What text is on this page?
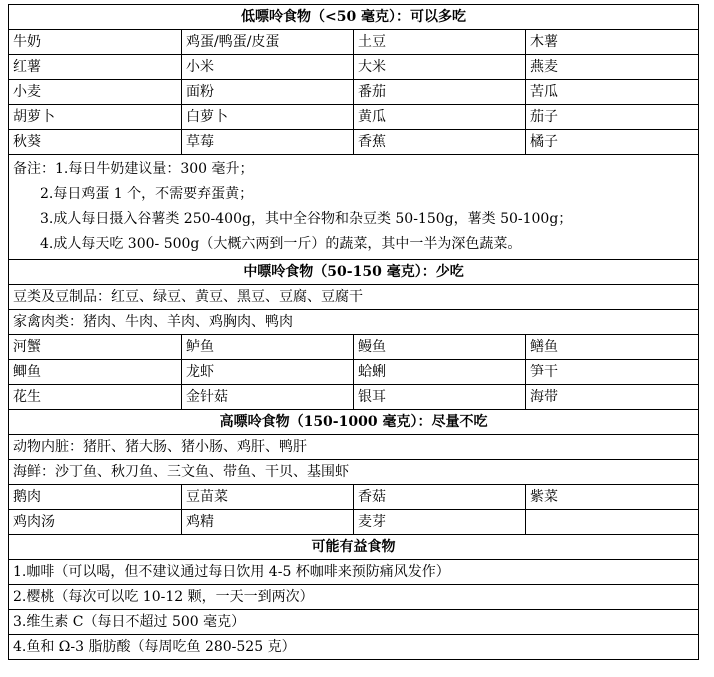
低嘌呤食物（<50 毫克）：可以多吃			
牛奶	鸡蛋/鸭蛋/皮蛋	土豆	木薯
红薯	小米	大米	燕麦
小麦	面粉	番茄	苦瓜
胡萝卜	白萝卜	黄瓜	茄子
秋葵	草莓	香蕉	橘子

备注：1.每日牛奶建议量：300 毫升；
2.每日鸡蛋 1 个，不需要弃蛋黄；
3.成人每日摄入谷薯类 250-400g，其中全谷物和杂豆类 50-150g，薯类 50-100g；
4.成人每天吃 300- 500g（大概六两到一斤）的蔬菜，其中一半为深色蔬菜。			

中嘌呤食物（50-150 毫克）：少吃			
豆类及豆制品：红豆、绿豆、黄豆、黑豆、豆腐、豆腐干			
家禽肉类：猪肉、牛肉、羊肉、鸡胸肉、鸭肉			
河蟹	鲈鱼	鳗鱼	鳝鱼
鲫鱼	龙虾	蛤蜊	笋干
花生	金针菇	银耳	海带
高嘌呤食物（150-1000 毫克）：尽量不吃			
动物内脏：猪肝、猪大肠、猪小肠、鸡肝、鸭肝			
海鲜：沙丁鱼、秋刀鱼、三文鱼、带鱼、干贝、基围虾			
鹅肉	豆苗菜	香菇	紫菜
鸡肉汤	鸡精	麦芽	
可能有益食物			
1.咖啡（可以喝，但不建议通过每日饮用 4-5 杯咖啡来预防痛风发作）			
2.樱桃（每次可以吃 10-12 颗，一天一到两次）			
3.维生素 C（每日不超过 500 毫克）			
4.鱼和 Ω-3 脂肪酸（每周吃鱼 280-525 克）			
